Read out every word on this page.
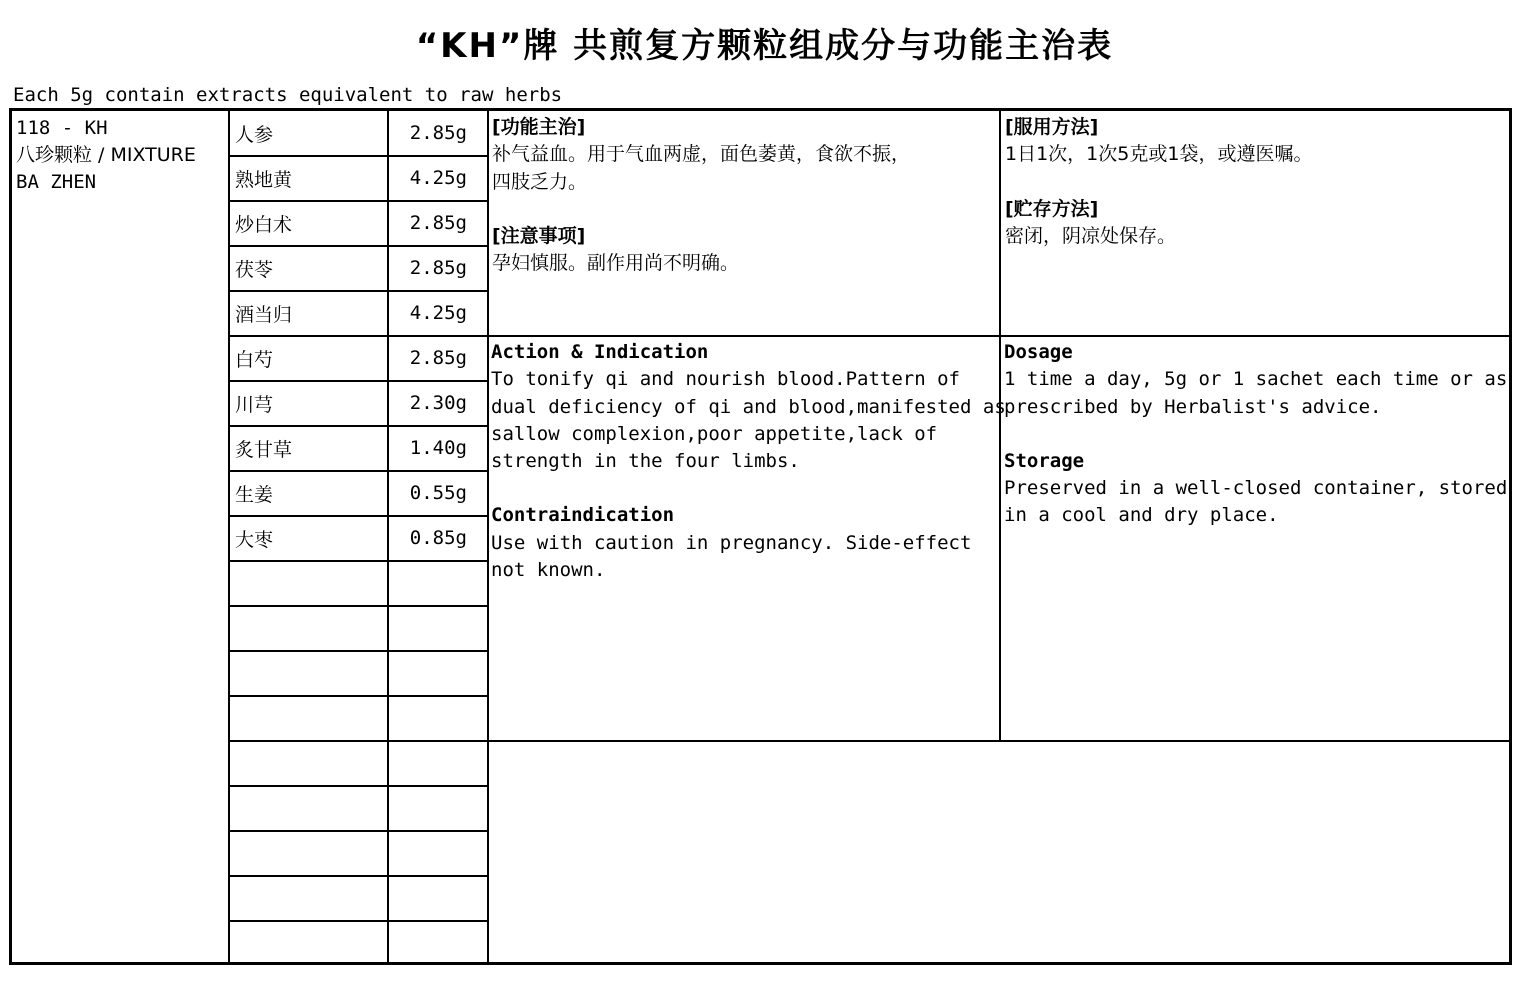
“KH”牌 共煎复方颗粒组成分与功能主治表
Each 5g contain extracts equivalent to raw herbs
118 - KH
八珍颗粒 / MIXTURE
BA ZHEN
人参	2.85g
熟地黄	4.25g
炒白术	2.85g
茯苓	2.85g
酒当归	4.25g
白芍	2.85g
川芎	2.30g
炙甘草	1.40g
生姜	0.55g
大枣	0.85g
[功能主治]
补气益血。用于气血两虚，面色萎黄，食欲不振，
四肢乏力。
[注意事项]
孕妇慎服。副作用尚不明确。
[服用方法]
1日1次，1次5克或1袋，或遵医嘱。
[贮存方法]
密闭，阴凉处保存。
Action & Indication
To tonify qi and nourish blood.Pattern of
dual deficiency of qi and blood,manifested as
sallow complexion,poor appetite,lack of
strength in the four limbs.
Contraindication
Use with caution in pregnancy. Side-effect
not known.
Dosage
1 time a day, 5g or 1 sachet each time or as
prescribed by Herbalist's advice.
Storage
Preserved in a well-closed container, stored
in a cool and dry place.
